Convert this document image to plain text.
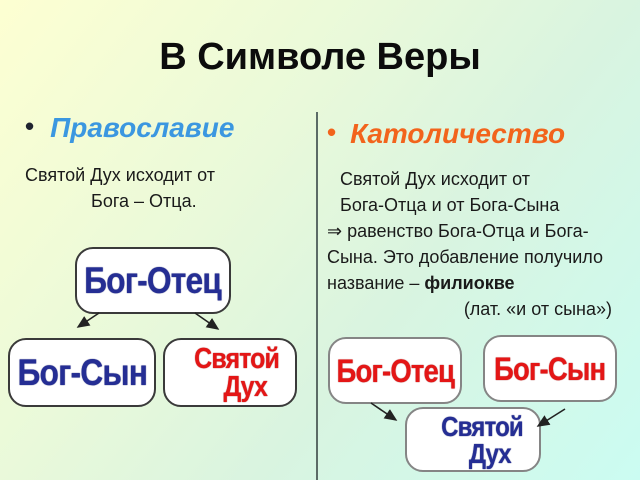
В Символе Веры
• Православие
Святой Дух исходит от
Бога – Отца.
• Католичество
Святой Дух исходит от
Бога-Отца и от Бога-Сына
⇒ равенство Бога-Отца и Бога-
Сына. Это добавление получило
название – филиокве
(лат. «и от сына»)
Бог-Отец
Бог-Сын	Святой
Дух	Бог-Отец Бог-Сын
Святой
Дух
